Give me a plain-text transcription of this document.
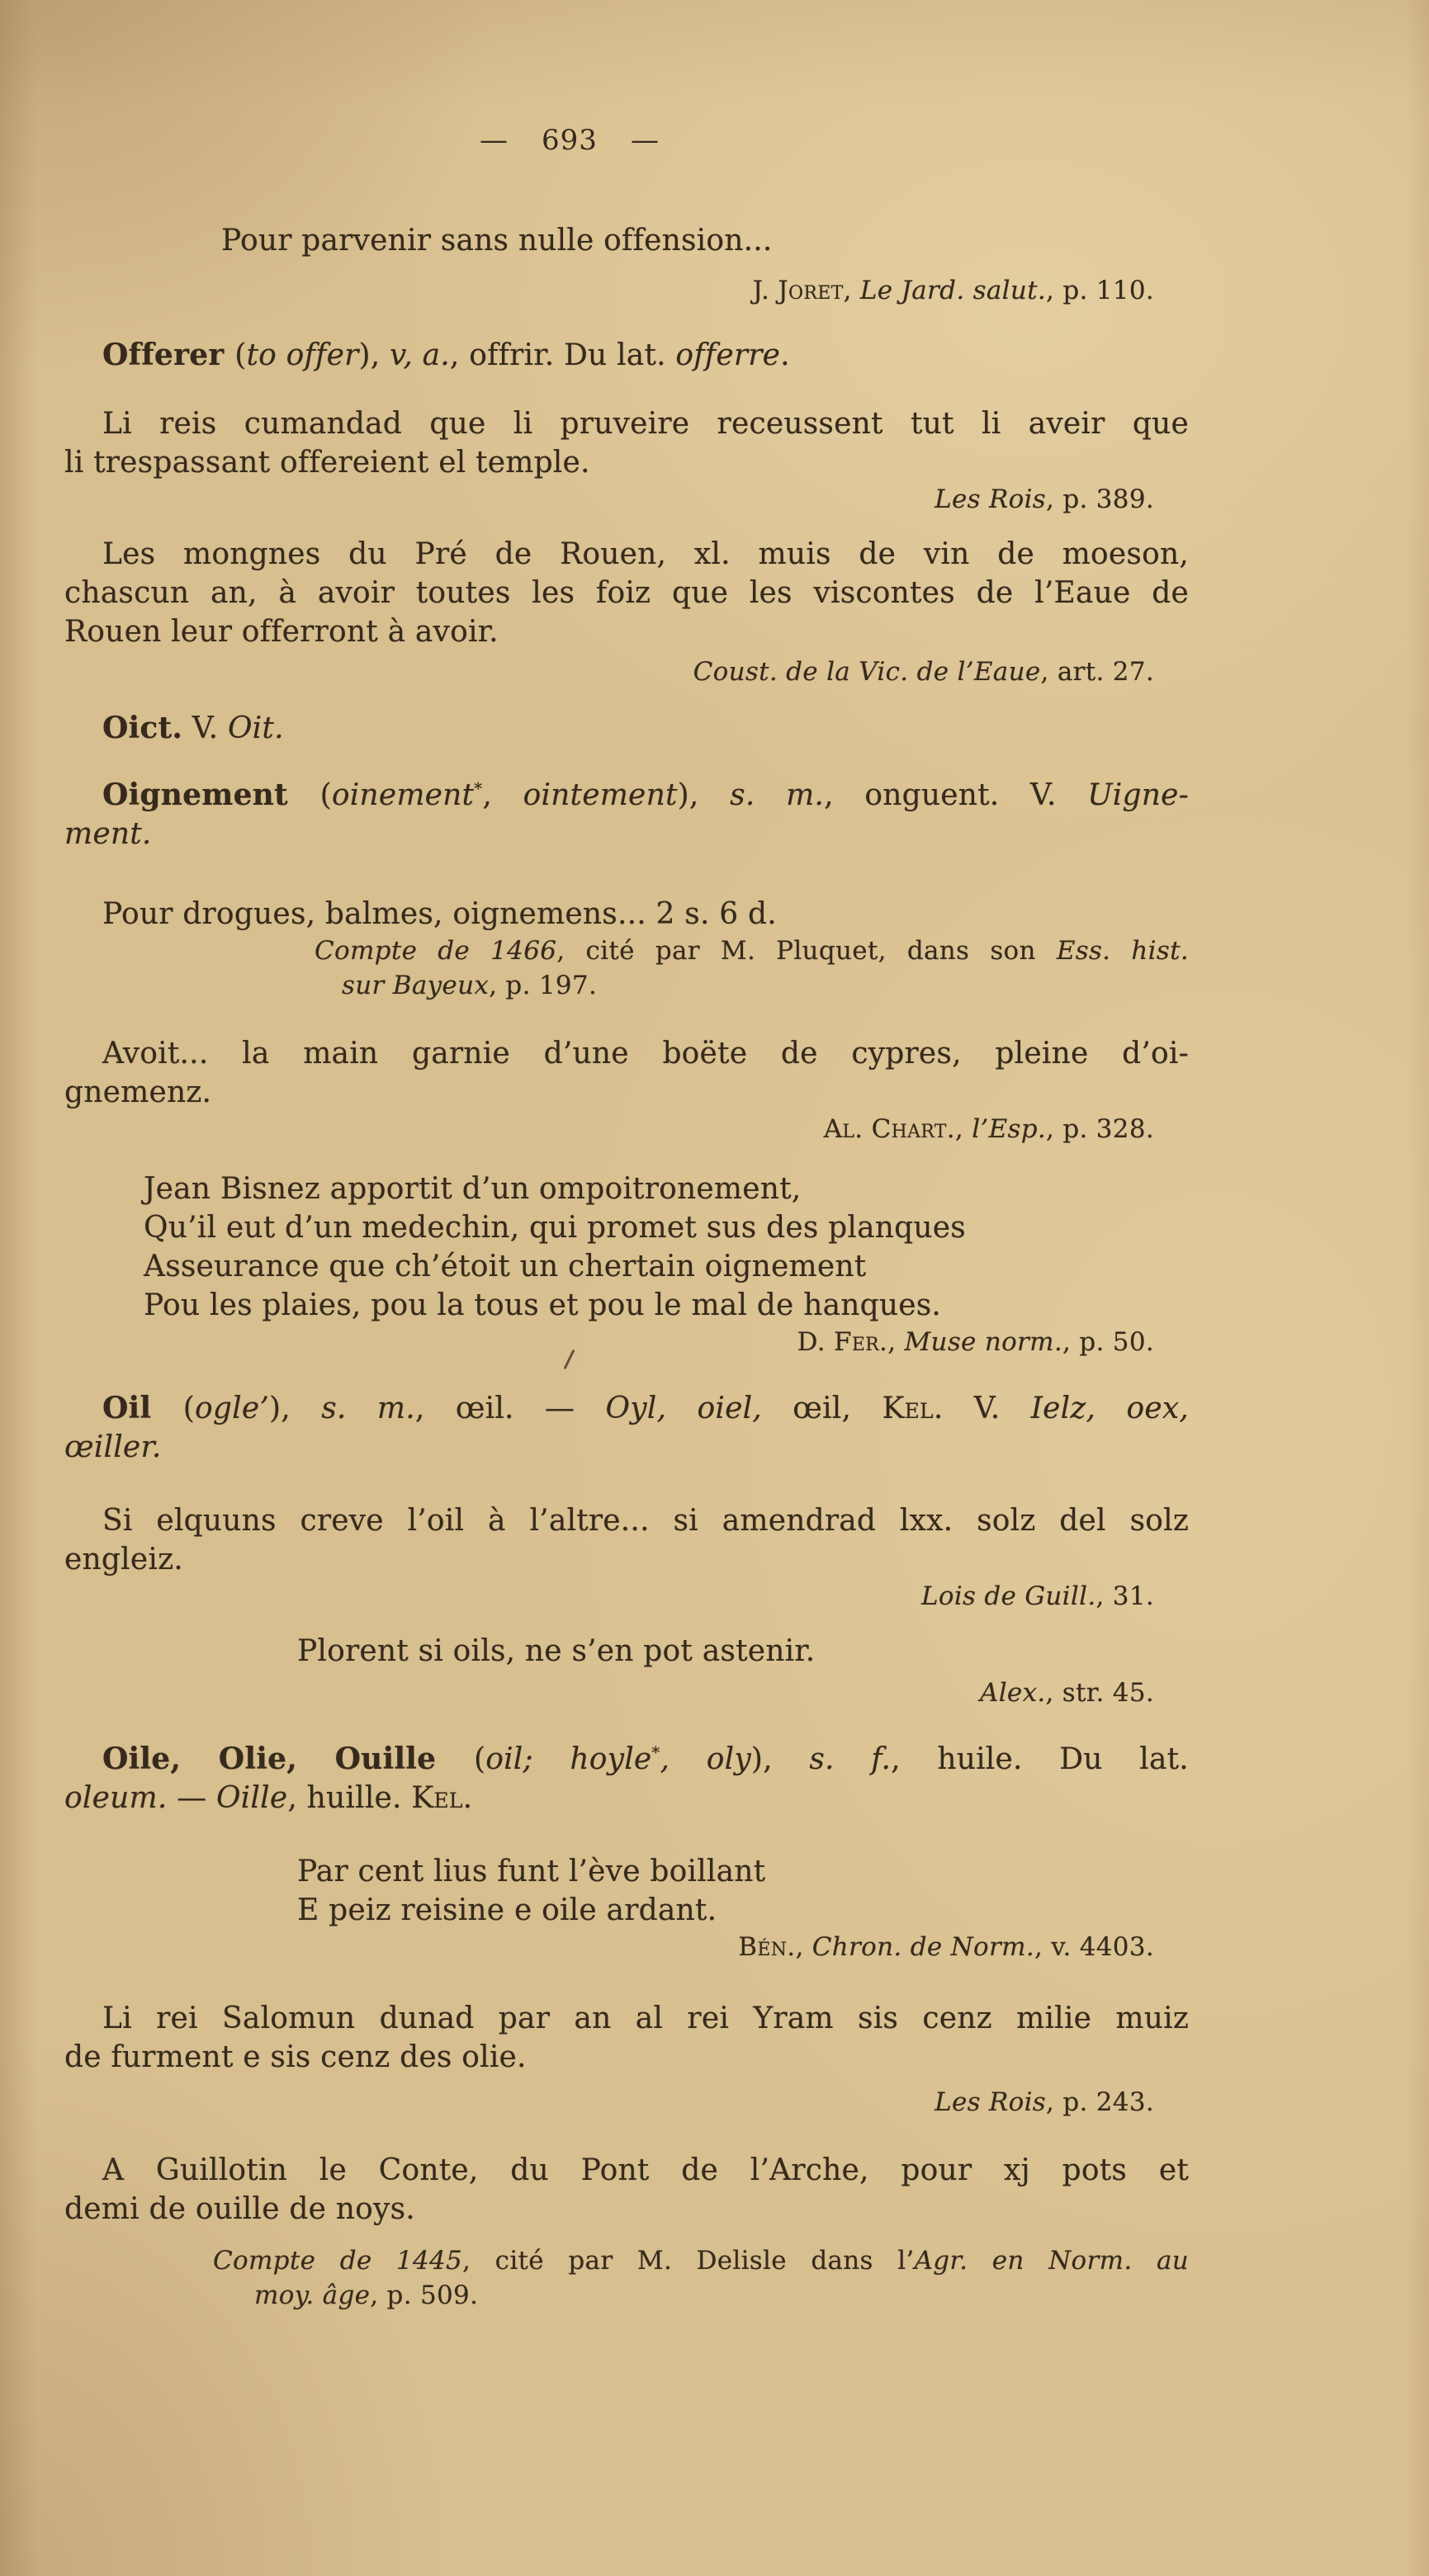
— 693 —
Pour parvenir sans nulle offension...
J. Joret, Le Jard. salut., p. 110.
Offerer (to offer), v, a., offrir. Du lat. offerre.
Li reis cumandad que li pruveire receussent tut li aveir que
li trespassant offereient el temple.
Les Rois, p. 389.
Les mongnes du Pré de Rouen, xl. muis de vin de moeson,
chascun an, à avoir toutes les foiz que les viscontes de l’Eaue de
Rouen leur offerront à avoir.
Coust. de la Vic. de l’Eaue, art. 27.
Oict. V. Oit.
Oignement (oinement*, ointement), s. m., onguent. V. Uigne-
ment.
Pour drogues, balmes, oignemens... 2 s. 6 d.
Compte de 1466, cité par M. Pluquet, dans son Ess. hist.
sur Bayeux, p. 197.
Avoit... la main garnie d’une boëte de cypres, pleine d’oi-
gnemenz.
Al. Chart., l’Esp., p. 328.
Jean Bisnez apportit d’un ompoitronement,
Qu’il eut d’un medechin, qui promet sus des planques
Asseurance que ch’étoit un chertain oignement
Pou les plaies, pou la tous et pou le mal de hanques.
D. Fer., Muse norm., p. 50.
Oil (ogle’), s. m., œil. — Oyl, oiel, œil, Kel. V. Ielz, oex,
œiller.
Si elquuns creve l’oil à l’altre... si amendrad lxx. solz del solz
engleiz.
Lois de Guill., 31.
Plorent si oils, ne s’en pot astenir.
Alex., str. 45.
Oile, Olie, Ouille (oil; hoyle*, oly), s. f., huile. Du lat.
oleum. — Oille, huille. Kel.
Par cent lius funt l’ève boillant
E peiz reisine e oile ardant.
Bén., Chron. de Norm., v. 4403.
Li rei Salomun dunad par an al rei Yram sis cenz milie muiz
de furment e sis cenz des olie.
Les Rois, p. 243.
A Guillotin le Conte, du Pont de l’Arche, pour xj pots et
demi de ouille de noys.
Compte de 1445, cité par M. Delisle dans l’Agr. en Norm. au
moy. âge, p. 509.
